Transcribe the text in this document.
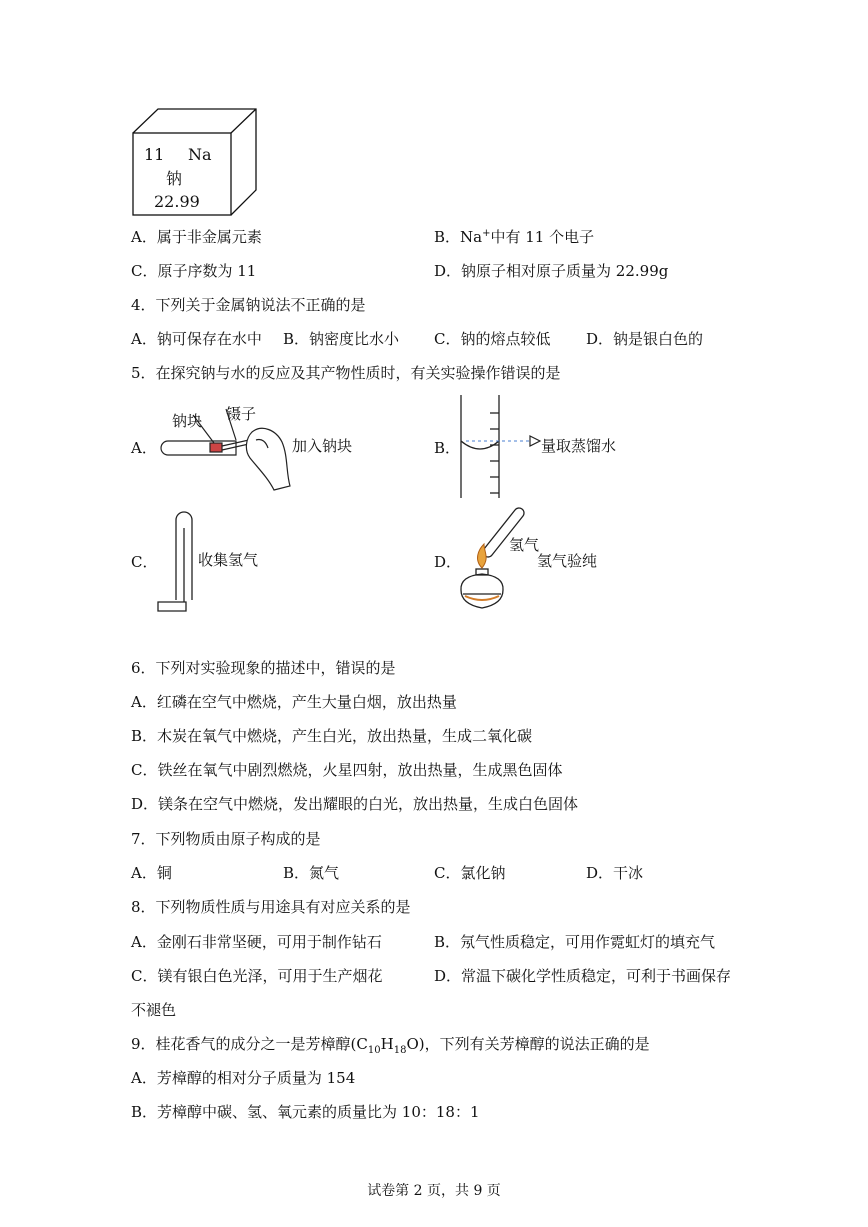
11 Na
钠
22.99
A．属于非金属元素	B．Na+中有 11 个电子
C．原子序数为 11	D．钠原子相对原子质量为 22.99g
4．下列关于金属钠说法不正确的是
A．钠可保存在水中 B．钠密度比水小 C．钠的熔点较低 D．钠是银白色的
5．在探究钠与水的反应及其产物性质时，有关实验操作错误的是
A．
钠块 镊子
加入钠块	B．	量取蒸馏水
C．	收集氢气	D．
氢气
氢气验纯
6．下列对实验现象的描述中，错误的是
A．红磷在空气中燃烧，产生大量白烟，放出热量
B．木炭在氧气中燃烧，产生白光，放出热量，生成二氧化碳
C．铁丝在氧气中剧烈燃烧，火星四射，放出热量，生成黑色固体
D．镁条在空气中燃烧，发出耀眼的白光，放出热量，生成白色固体
7．下列物质由原子构成的是
A．铜	B．氮气	C．氯化钠	D．干冰
8．下列物质性质与用途具有对应关系的是
A．金刚石非常坚硬，可用于制作钻石	B．氖气性质稳定，可用作霓虹灯的填充气
C．镁有银白色光泽，可用于生产烟花	D．常温下碳化学性质稳定，可利于书画保存
不褪色
9．桂花香气的成分之一是芳樟醇$(C_{10}H_{18}O)$，下列有关芳樟醇的说法正确的是
A．芳樟醇的相对分子质量为 154
B．芳樟醇中碳、氢、氧元素的质量比为 10：18：1
试卷第 2 页，共 9 页
